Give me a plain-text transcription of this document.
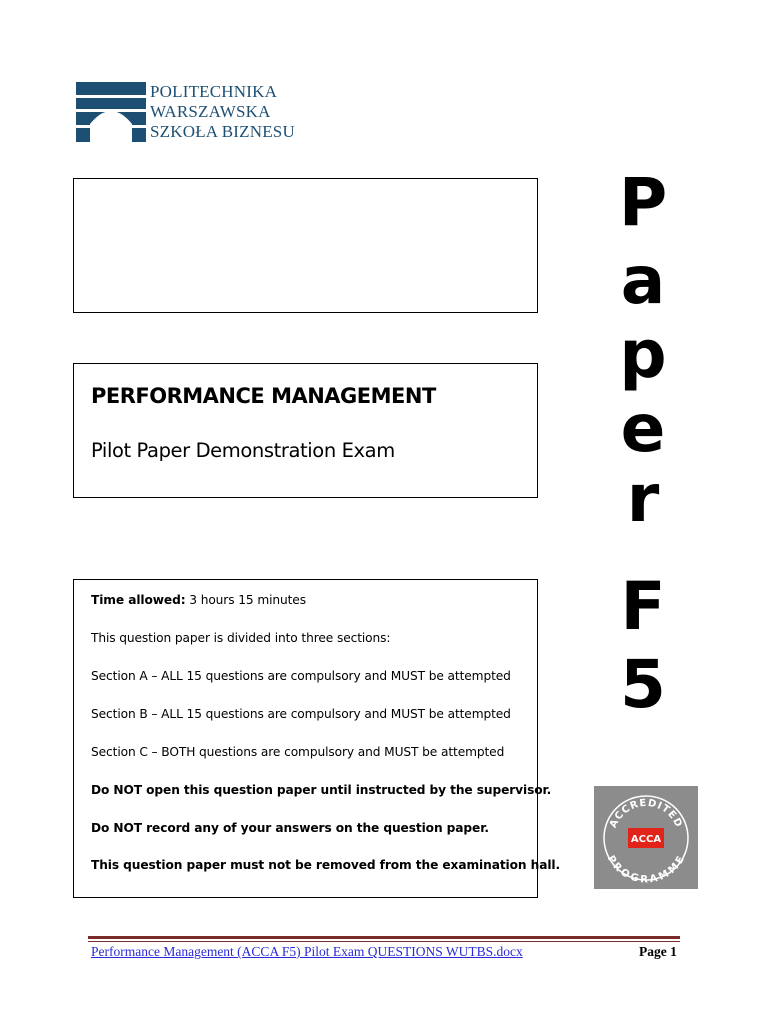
POLITECHNIKA
WARSZAWSKA
SZKOŁA BIZNESU
PERFORMANCE MANAGEMENT
Pilot Paper Demonstration Exam
Time allowed: 3 hours 15 minutes
This question paper is divided into three sections:
Section A – ALL 15 questions are compulsory and MUST be attempted
Section B – ALL 15 questions are compulsory and MUST be attempted
Section C – BOTH questions are compulsory and MUST be attempted
Do NOT open this question paper until instructed by the supervisor.
Do NOT record any of your answers on the question paper.
This question paper must not be removed from the examination hall.
P
a
p
e
r
F
5
ACCREDITED
PROGRAMME
ACCA
Performance Management (ACCA F5) Pilot Exam QUESTIONS WUTBS.docx	Page 1
